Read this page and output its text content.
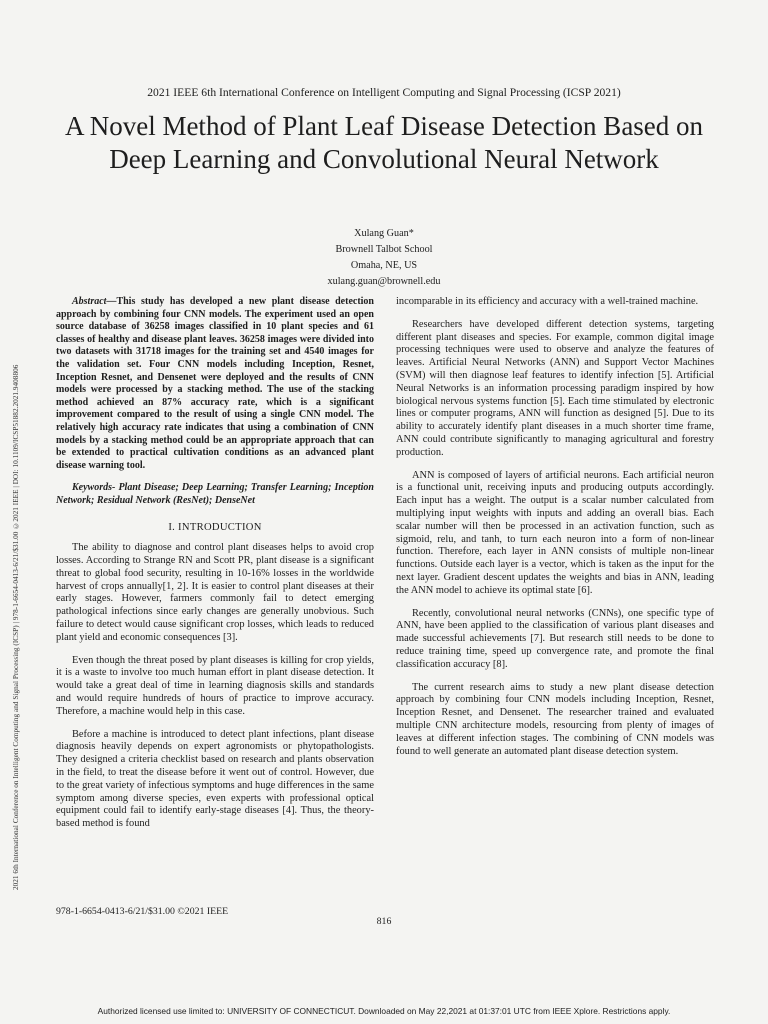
2021 6th International Conference on Intelligent Computing and Signal Processing (ICSP) | 978-1-6654-0413-6/21/$31.00 ©2021 IEEE | DOI: 10.1109/ICSP51882.2021.9408806
2021 IEEE 6th International Conference on Intelligent Computing and Signal Processing (ICSP 2021)
A Novel Method of Plant Leaf Disease Detection Based on Deep Learning and Convolutional Neural Network
Xulang Guan*
Brownell Talbot School
Omaha, NE, US
xulang.guan@brownell.edu

Abstract—This study has developed a new plant disease detection approach by combining four CNN models. The experiment used an open source database of 36258 images classified in 10 plant species and 61 classes of healthy and disease plant leaves. 36258 images were divided into two datasets with 31718 images for the training set and 4540 images for the validation set. Four CNN models including Inception, Resnet, Inception Resnet, and Densenet were deployed and the results of CNN models were processed by a stacking method. The use of the stacking method achieved an 87% accuracy rate, which is a significant improvement compared to the result of using a single CNN model. The relatively high accuracy rate indicates that using a combination of CNN models by a stacking method could be an appropriate approach that can be extended to practical cultivation conditions as an advanced plant disease warning tool.

Keywords- Plant Disease; Deep Learning; Transfer Learning; Inception Network; Residual Network (ResNet); DenseNet

I. INTRODUCTION

The ability to diagnose and control plant diseases helps to avoid crop losses. According to Strange RN and Scott PR, plant disease is a significant threat to global food security, resulting in 10-16% losses in the worldwide harvest of crops annually[1, 2]. It is easier to control plant diseases at their early stages. However, farmers commonly fail to detect emerging pathological infections since early changes are generally unobvious. Such failure to detect would cause significant crop losses, which leads to reduced plant yield and economic consequences [3].

Even though the threat posed by plant diseases is killing for crop yields, it is a waste to involve too much human effort in plant disease detection. It would take a great deal of time in learning diagnosis skills and standards and would require hundreds of hours of practice to improve accuracy. Therefore, a machine would help in this case.

Before a machine is introduced to detect plant infections, plant disease diagnosis heavily depends on expert agronomists or phytopathologists. They designed a criteria checklist based on research and plants observation in the field, to treat the disease before it went out of control. However, due to the great variety of infectious symptoms and huge differences in the same symptom among diverse species, even experts with professional optical equipment could fail to identify early-stage diseases [4]. Thus, the theory-based method is found

incomparable in its efficiency and accuracy with a well-trained machine.

Researchers have developed different detection systems, targeting different plant diseases and species. For example, common digital image processing techniques were used to observe and analyze the features of leaves. Artificial Neural Networks (ANN) and Support Vector Machines (SVM) will then diagnose leaf features to identify infection [5]. Artificial Neural Networks is an information processing paradigm inspired by how biological nervous systems function [5]. Each time stimulated by electronic lines or computer programs, ANN will function as designed [5]. Due to its ability to accurately identify plant diseases in a much shorter time frame, ANN could contribute significantly to managing agricultural and forestry production.

ANN is composed of layers of artificial neurons. Each artificial neuron is a functional unit, receiving inputs and producing outputs accordingly. Each input has a weight. The output is a scalar number calculated from multiplying input weights with inputs and adding an overall bias. Each scalar number will then be processed in an activation function, such as sigmoid, relu, and tanh, to turn each neuron into a form of non-linear function. Therefore, each layer in ANN consists of multiple non-linear functions. Outside each layer is a vector, which is taken as the input for the next layer. Gradient descent updates the weights and bias in ANN, leading the ANN model to achieve its optimal state [6].

Recently, convolutional neural networks (CNNs), one specific type of ANN, have been applied to the classification of various plant diseases and made successful achievements [7]. But research still needs to be done to reduce training time, speed up convergence rate, and promote the final classification accuracy [8].

The current research aims to study a new plant disease detection approach by combining four CNN models including Inception, Resnet, Inception Resnet, and Densenet. The researcher trained and evaluated multiple CNN architecture models, resourcing from plenty of images of leaves at different infection stages. The combining of CNN models was found to well generate an automated plant disease detection system.

978-1-6654-0413-6/21/$31.00 ©2021 IEEE
816
Authorized licensed use limited to: UNIVERSITY OF CONNECTICUT. Downloaded on May 22,2021 at 01:37:01 UTC from IEEE Xplore. Restrictions apply.
